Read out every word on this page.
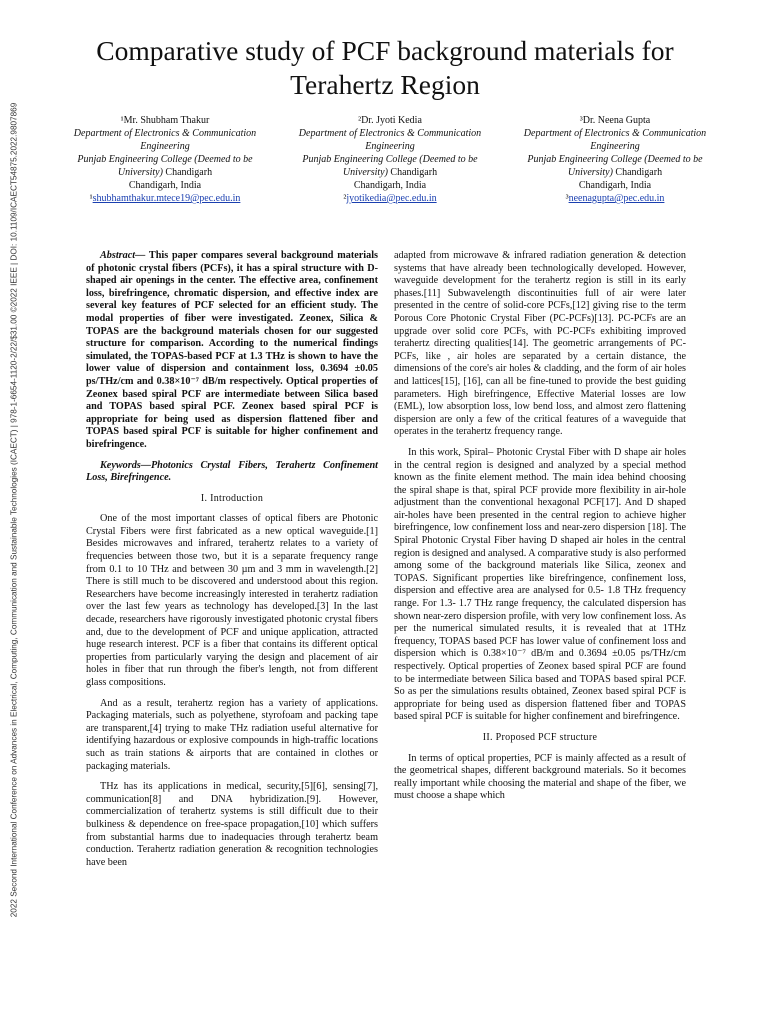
2022 Second International Conference on Advances in Electrical, Computing, Communication and Sustainable Technologies (ICAECT) | 978-1-6654-1120-2/22/$31.00 ©2022 IEEE | DOI: 10.1109/ICAECT54875.2022.9807869
Comparative study of PCF background materials for Terahertz Region
¹Mr. Shubham Thakur
Department of Electronics & Communication Engineering
Punjab Engineering College (Deemed to be University) Chandigarh
Chandigarh, India
¹shubhamthakur.mtece19@pec.edu.in
²Dr. Jyoti Kedia
Department of Electronics & Communication Engineering
Punjab Engineering College (Deemed to be University) Chandigarh
Chandigarh, India
²jyotikedia@pec.edu.in
³Dr. Neena Gupta
Department of Electronics & Communication Engineering
Punjab Engineering College (Deemed to be University) Chandigarh
Chandigarh, India
³neenagupta@pec.edu.in

Abstract— This paper compares several background materials of photonic crystal fibers (PCFs), it has a spiral structure with D-shaped air openings in the center. The effective area, confinement loss, birefringence, chromatic dispersion, and effective index are several key features of PCF selected for an efficient study. The modal properties of fiber were investigated. Zeonex, Silica & TOPAS are the background materials chosen for our suggested structure for comparison. According to the numerical findings simulated, the TOPAS-based PCF at 1.3 THz is shown to have the lower value of dispersion and containment loss, 0.3694 ±0.05 ps/THz/cm and 0.38×10⁻⁷ dB/m respectively. Optical properties of Zeonex based spiral PCF are intermediate between Silica based and TOPAS based spiral PCF. Zeonex based spiral PCF is appropriate for being used as dispersion flattened fiber and TOPAS based spiral PCF is suitable for higher confinement and birefringence.

Keywords—Photonics Crystal Fibers, Terahertz Confinement Loss, Birefringence.

I. Introduction

One of the most important classes of optical fibers are Photonic Crystal Fibers were first fabricated as a new optical waveguide.[1] Besides microwaves and infrared, terahertz relates to a variety of frequencies between those two, but it is a separate frequency range from 0.1 to 10 THz and between 30 µm and 3 mm in wavelength.[2] There is still much to be discovered and understood about this region. Researchers have become increasingly interested in terahertz radiation over the last few years as technology has developed.[3] In the last decade, researchers have rigorously investigated photonic crystal fibers and, due to the development of PCF and unique application, attracted huge research interest. PCF is a fiber that contains its different optical properties from particularly varying the design and placement of air holes in fiber that run through the fiber's length, not from different glass compositions.

And as a result, terahertz region has a variety of applications. Packaging materials, such as polyethene, styrofoam and packing tape are transparent,[4] trying to make THz radiation useful alternative for identifying hazardous or explosive compounds in high-traffic locations such as train stations & airports that are contained in clothes or packaging materials.

THz has its applications in medical, security,[5][6], sensing[7], communication[8] and DNA hybridization.[9]. However, commercialization of terahertz systems is still difficult due to their bulkiness & dependence on free-space propagation,[10] which suffers from substantial harms due to inadequacies through terahertz beam conduction. Terahertz radiation generation & recognition technologies have been

adapted from microwave & infrared radiation generation & detection systems that have already been technologically developed. However, waveguide development for the terahertz region is still in its early phases.[11] Subwavelength discontinuities full of air were later presented in the centre of solid-core PCFs,[12] giving rise to the term Porous Core Photonic Crystal Fiber (PC-PCFs)[13]. PC-PCFs are an upgrade over solid core PCFs, with PC-PCFs exhibiting improved terahertz directing qualities[14]. The geometric arrangements of PC-PCFs, like , air holes are separated by a certain distance, the dimensions of the core's air holes & cladding, and the form of air holes and lattices[15], [16], can all be fine-tuned to provide the best guiding parameters. High birefringence, Effective Material losses are low (EML), low absorption loss, low bend loss, and almost zero flattening dispersion are only a few of the critical features of a waveguide that operates in the terahertz frequency range.

In this work, Spiral– Photonic Crystal Fiber with D shape air holes in the central region is designed and analyzed by a special method known as the finite element method. The main idea behind choosing the spiral shape is that, spiral PCF provide more flexibility in air-hole adjustment than the conventional hexagonal PCF[17]. And D shaped air-holes have been presented in the central region to achieve higher birefringence, low confinement loss and near-zero dispersion [18]. The Spiral Photonic Crystal Fiber having D shaped air holes in the central region is designed and analysed. A comparative study is also performed among some of the background materials like Silica, zeonex and TOPAS. Significant properties like birefringence, confinement loss, dispersion and effective area are analysed for 0.5- 1.8 THz frequency range. For 1.3- 1.7 THz range frequency, the calculated dispersion has shown near-zero dispersion profile, with very low confinement loss. As per the numerical simulated results, it is revealed that at 1THz frequency, TOPAS based PCF has lower value of confinement loss and dispersion which is 0.38×10⁻⁷ dB/m and 0.3694 ±0.05 ps/THz/cm respectively. Optical properties of Zeonex based spiral PCF are found to be intermediate between Silica based and TOPAS based spiral PCF. So as per the simulations results obtained, Zeonex based spiral PCF is appropriate for being used as dispersion flattened fiber and TOPAS based spiral PCF is suitable for higher confinement and birefringence.

II. Proposed PCF structure

In terms of optical properties, PCF is mainly affected as a result of the geometrical shapes, different background materials. So it becomes really important while choosing the material and shape of the fiber, we must choose a shape which
